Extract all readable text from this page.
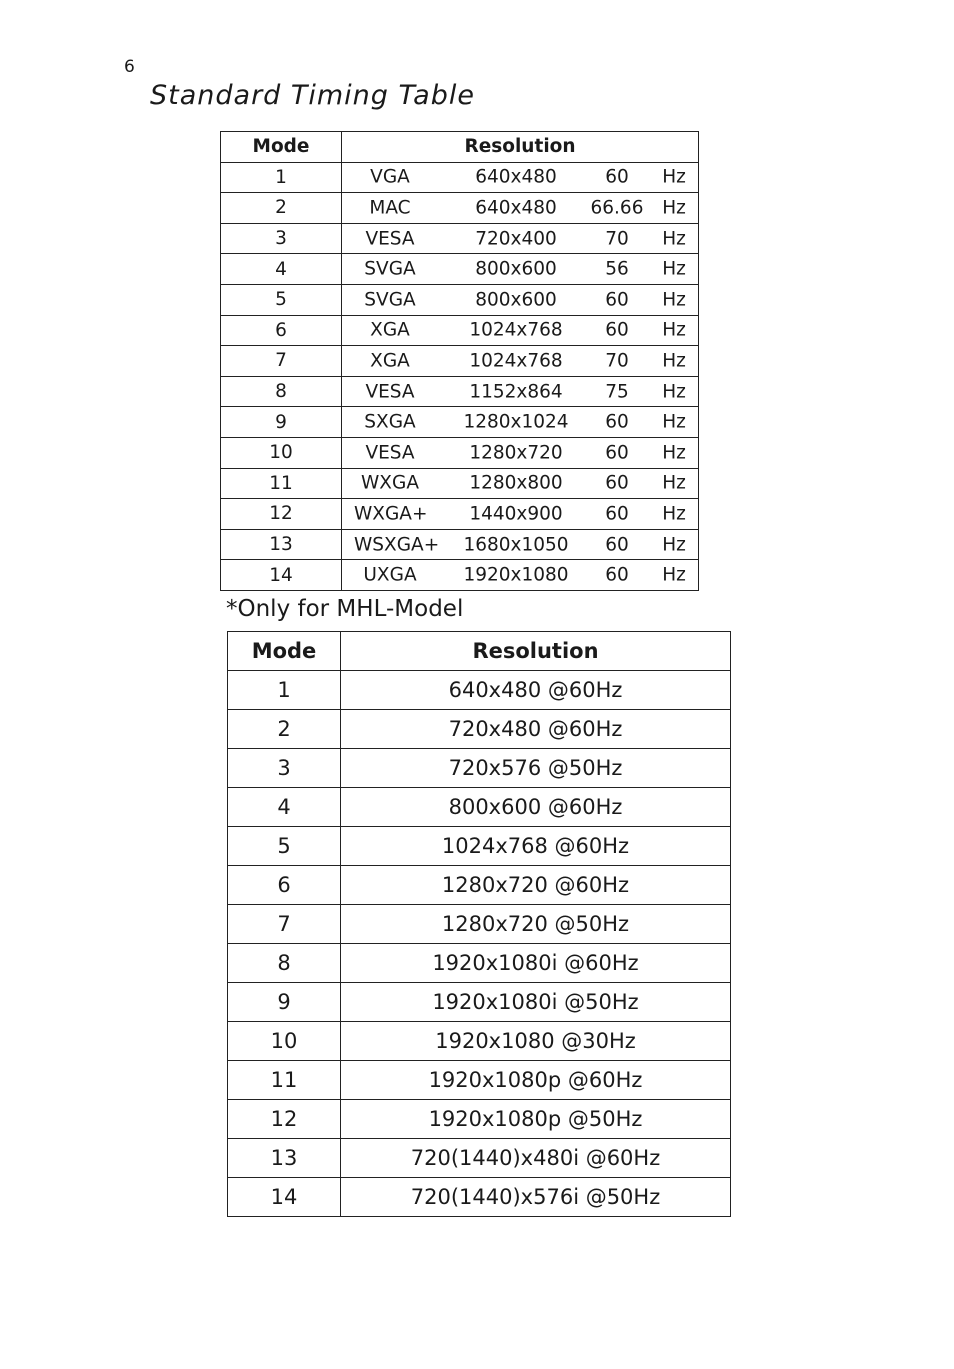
6
Standard Timing Table
Mode	Resolution
1	VGA 640x480 60 Hz

2	MAC 640x480 66.66 Hz

3	VESA 720x400 70 Hz

4	SVGA 800x600 56 Hz

5	SVGA 800x600 60 Hz

6	XGA 1024x768 60 Hz

7	XGA 1024x768 70 Hz

8	VESA 1152x864 75 Hz

9	SXGA 1280x1024 60 Hz

10	VESA 1280x720 60 Hz

11	WXGA 1280x800 60 Hz

12	WXGA+ 1440x900 60 Hz

13	WSXGA+ 1680x1050 60 Hz

14	UXGA 1920x1080 60 Hz
*Only for MHL-Model
Mode	Resolution
1	640x480 @60Hz
2	720x480 @60Hz
3	720x576 @50Hz
4	800x600 @60Hz
5	1024x768 @60Hz
6	1280x720 @60Hz
7	1280x720 @50Hz
8	1920x1080i @60Hz
9	1920x1080i @50Hz
10	1920x1080 @30Hz
11	1920x1080p @60Hz
12	1920x1080p @50Hz
13	720(1440)x480i @60Hz
14	720(1440)x576i @50Hz
